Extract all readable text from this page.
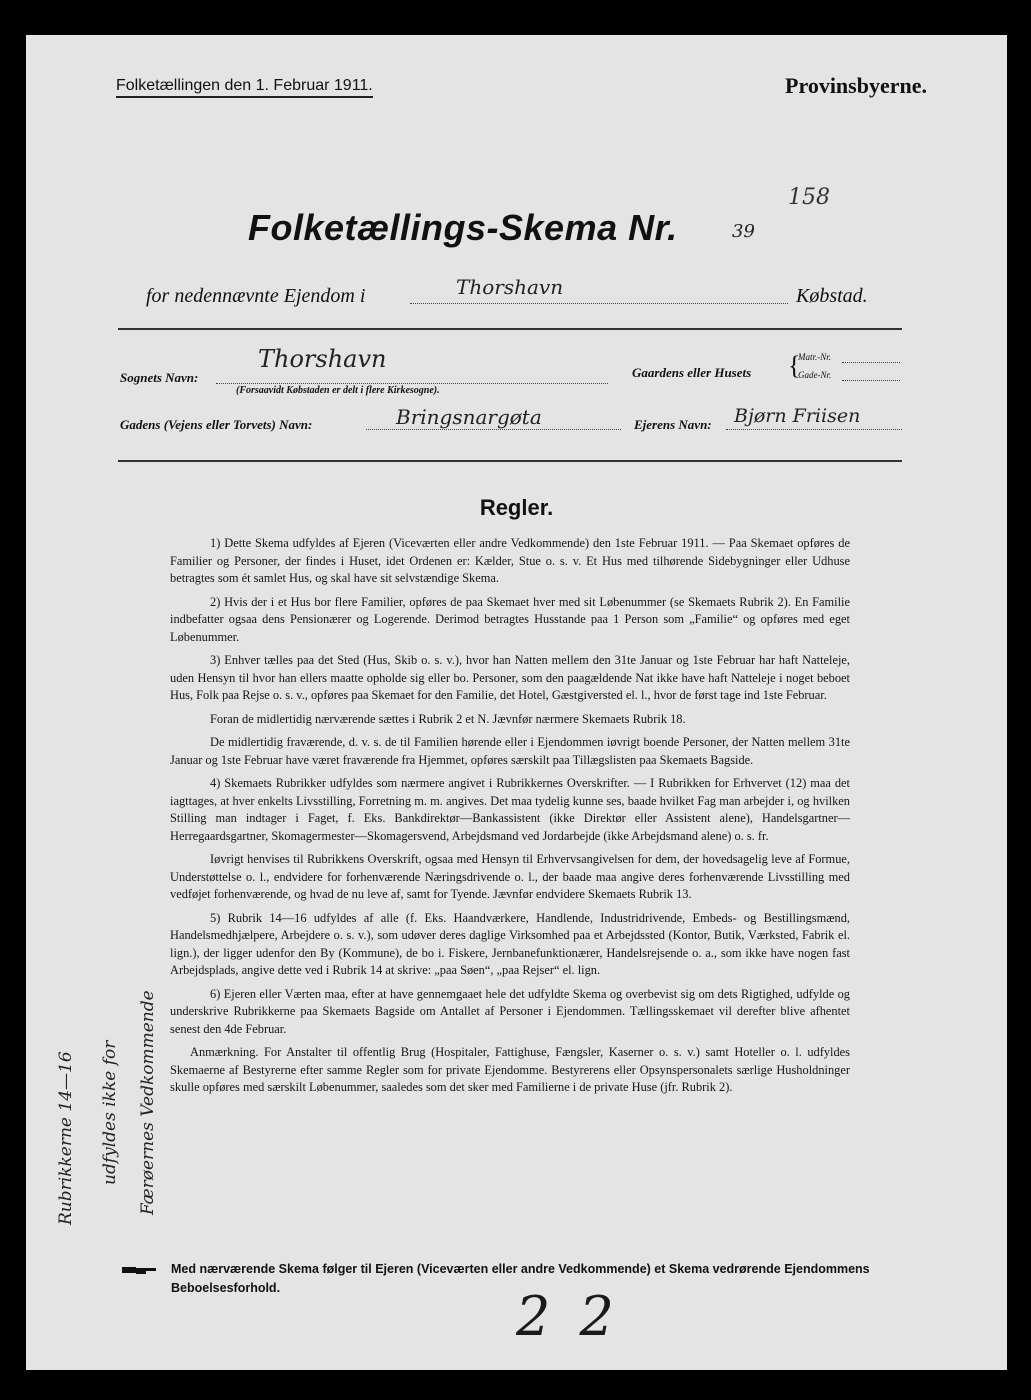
Folketællingen den 1. Februar 1911.	Provinsbyerne.
158
Folketællings-Skema Nr.	39
for nedennævnte Ejendom i	Thorshavn	Købstad.
Sognets Navn:
Thorshavn
(Forsaavidt Købstaden er delt i flere Kirkesogne).
Gaardens eller Husets {
Matr.-Nr.
Gade-Nr.
Gadens (Vejens eller Torvets) Navn:	Bringsnargøta	Ejerens Navn: Bjørn Friisen
Regler.

1) Dette Skema udfyldes af Ejeren (Viceværten eller andre Vedkommende) den 1ste Februar 1911. — Paa Skemaet opføres de Familier og Personer, der findes i Huset, idet Ordenen er: Kælder, Stue o. s. v. Et Hus med tilhørende Sidebygninger eller Udhuse betragtes som ét samlet Hus, og skal have sit selvstændige Skema.

2) Hvis der i et Hus bor flere Familier, opføres de paa Skemaet hver med sit Løbenummer (se Skemaets Rubrik 2). En Familie indbefatter ogsaa dens Pensionærer og Logerende. Derimod betragtes Husstande paa 1 Person som „Familie“ og opføres med eget Løbenummer.

3) Enhver tælles paa det Sted (Hus, Skib o. s. v.), hvor han Natten mellem den 31te Januar og 1ste Februar har haft Natteleje, uden Hensyn til hvor han ellers maatte opholde sig eller bo. Personer, som den paagældende Nat ikke have haft Natteleje i noget beboet Hus, Folk paa Rejse o. s. v., opføres paa Skemaet for den Familie, det Hotel, Gæstgiversted el. l., hvor de først tage ind 1ste Februar.

Foran de midlertidig nærværende sættes i Rubrik 2 et N. Jævnfør nærmere Skemaets Rubrik 18.

De midlertidig fraværende, d. v. s. de til Familien hørende eller i Ejendommen iøvrigt boende Personer, der Natten mellem 31te Januar og 1ste Februar have været fraværende fra Hjemmet, opføres særskilt paa Tillægslisten paa Skemaets Bagside.

4) Skemaets Rubrikker udfyldes som nærmere angivet i Rubrikkernes Overskrifter. — I Rubrikken for Erhvervet (12) maa det iagttages, at hver enkelts Livsstilling, Forretning m. m. angives. Det maa tydelig kunne ses, baade hvilket Fag man arbejder i, og hvilken Stilling man indtager i Faget, f. Eks. Bankdirektør—Bankassistent (ikke Direktør eller Assistent alene), Handelsgartner—Herregaardsgartner, Skomagermester—Skomagersvend, Arbejdsmand ved Jordarbejde (ikke Arbejdsmand alene) o. s. fr.

Iøvrigt henvises til Rubrikkens Overskrift, ogsaa med Hensyn til Erhvervsangivelsen for dem, der hovedsagelig leve af Formue, Understøttelse o. l., endvidere for forhenværende Næringsdrivende o. l., der baade maa angive deres forhenværende Livsstilling med vedføjet forhenværende, og hvad de nu leve af, samt for Tyende. Jævnfør endvidere Skemaets Rubrik 13.

5) Rubrik 14—16 udfyldes af alle (f. Eks. Haandværkere, Handlende, Industridrivende, Embeds- og Bestillingsmænd, Handelsmedhjælpere, Arbejdere o. s. v.), som udøver deres daglige Virksomhed paa et Arbejdssted (Kontor, Butik, Værksted, Fabrik el. lign.), der ligger udenfor den By (Kommune), de bo i. Fiskere, Jernbanefunktionærer, Handelsrejsende o. a., som ikke have nogen fast Arbejdsplads, angive dette ved i Rubrik 14 at skrive: „paa Søen“, „paa Rejser“ el. lign.

6) Ejeren eller Værten maa, efter at have gennemgaaet hele det udfyldte Skema og overbevist sig om dets Rigtighed, udfylde og underskrive Rubrikkerne paa Skemaets Bagside om Antallet af Personer i Ejendommen. Tællingsskemaet vil derefter blive afhentet senest den 4de Februar.

Anmærkning. For Anstalter til offentlig Brug (Hospitaler, Fattighuse, Fængsler, Kaserner o. s. v.) samt Hoteller o. l. udfyldes Skemaerne af Bestyrerne efter samme Regler som for private Ejendomme. Bestyrerens eller Opsynspersonalets særlige Husholdninger skulle opføres med særskilt Løbenummer, saaledes som det sker med Familierne i de private Huse (jfr. Rubrik 2).

Rubrikkerne 14—16 udfyldes ikke for Færøernes Vedkommende
Med nærværende Skema følger til Ejeren (Viceværten eller andre Vedkommende) et Skema vedrørende Ejendommens Beboelsesforhold.	2 2
